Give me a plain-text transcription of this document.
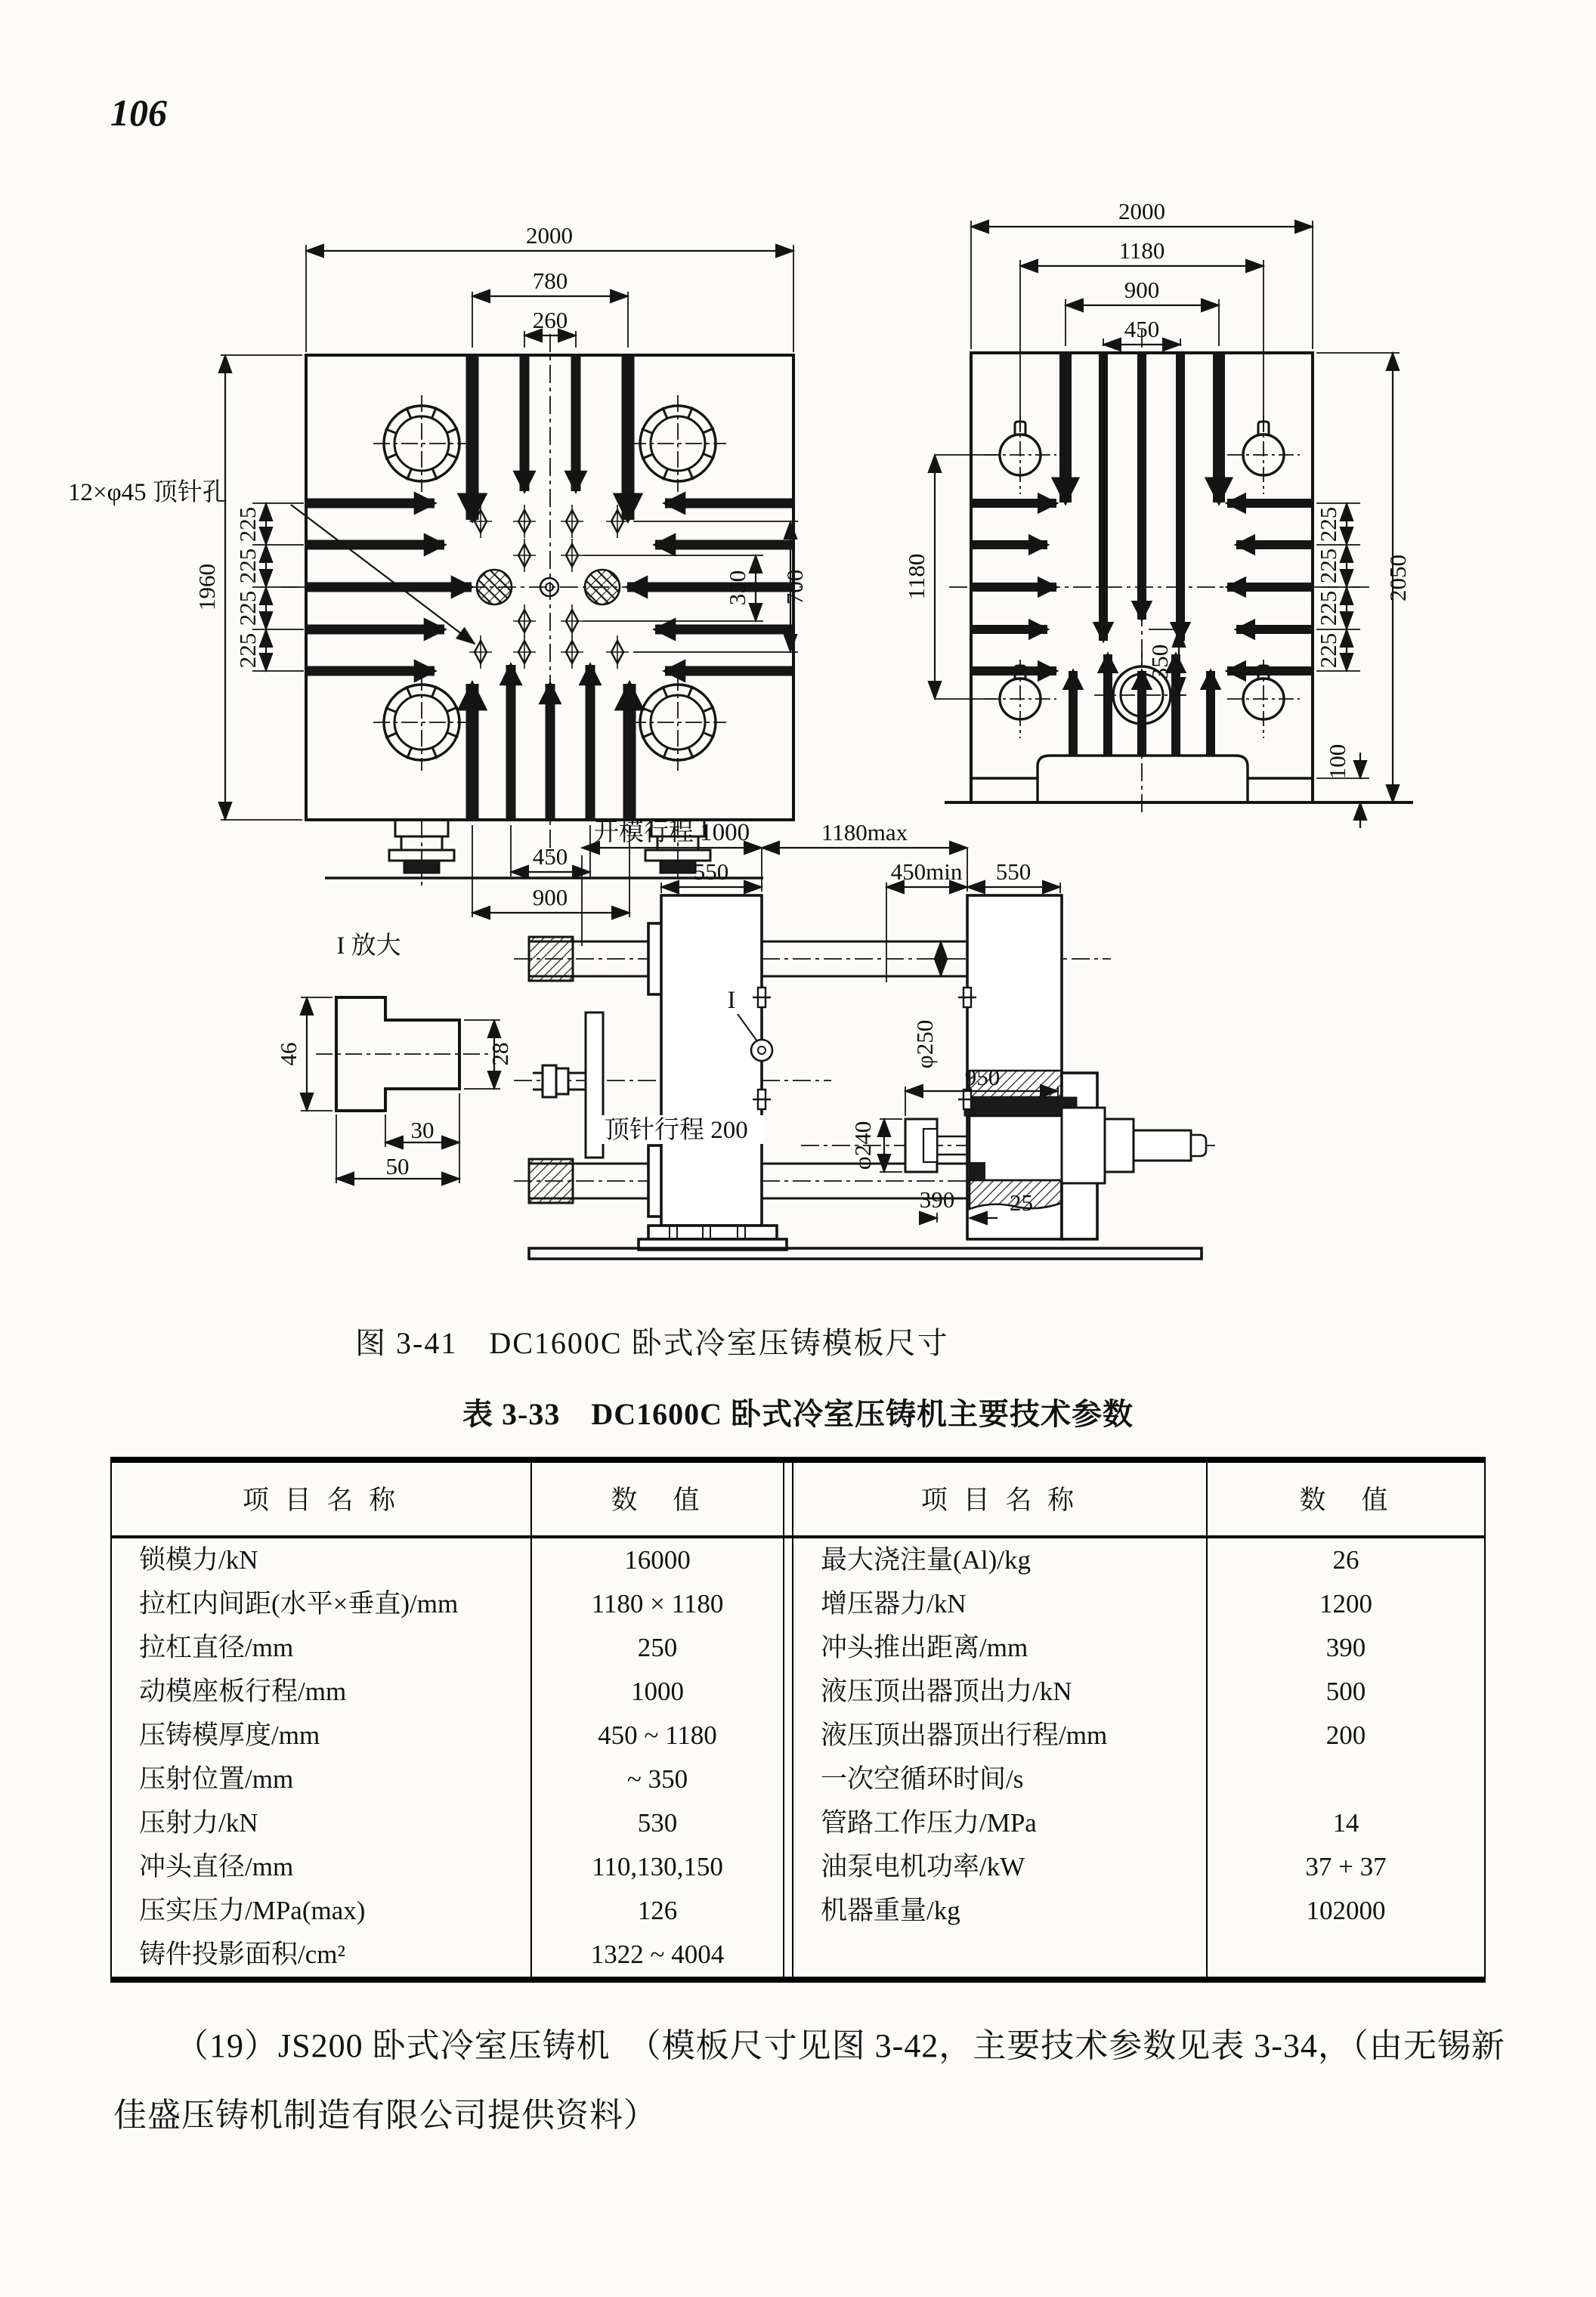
106
2000
780
260
1960
225
225
225
225
350 700
450
900
12×φ45 顶针孔
2000
1180
900
450
1180
225
225
225
225
350
2050
100
I
开模行程 1000	1180max
550	450min 550
φ250
950
390
φ240
25
顶针行程 200
I 放大
46	28
30
50
图 3-41　DC1600C 卧式冷室压铸模板尺寸
表 3-33　DC1600C 卧式冷室压铸机主要技术参数
项 目 名 称	数　值	项 目 名 称	数　值
锁模力/kN	16000	最大浇注量(Al)/kg	26
拉杠内间距(水平×垂直)/mm	1180 × 1180	增压器力/kN	1200
拉杠直径/mm	250	冲头推出距离/mm	390
动模座板行程/mm	1000	液压顶出器顶出力/kN	500
压铸模厚度/mm	450 ~ 1180	液压顶出器顶出行程/mm	200
压射位置/mm	~ 350	一次空循环时间/s
压射力/kN	530	管路工作压力/MPa	14
冲头直径/mm	110,130,150	油泵电机功率/kW	37 + 37
压实压力/MPa(max)	126	机器重量/kg	102000
铸件投影面积/cm²	1322 ~ 4004
（19）JS200 卧式冷室压铸机　（模板尺寸见图 3-42，主要技术参数见表 3-34，（由无锡新
佳盛压铸机制造有限公司提供资料）
